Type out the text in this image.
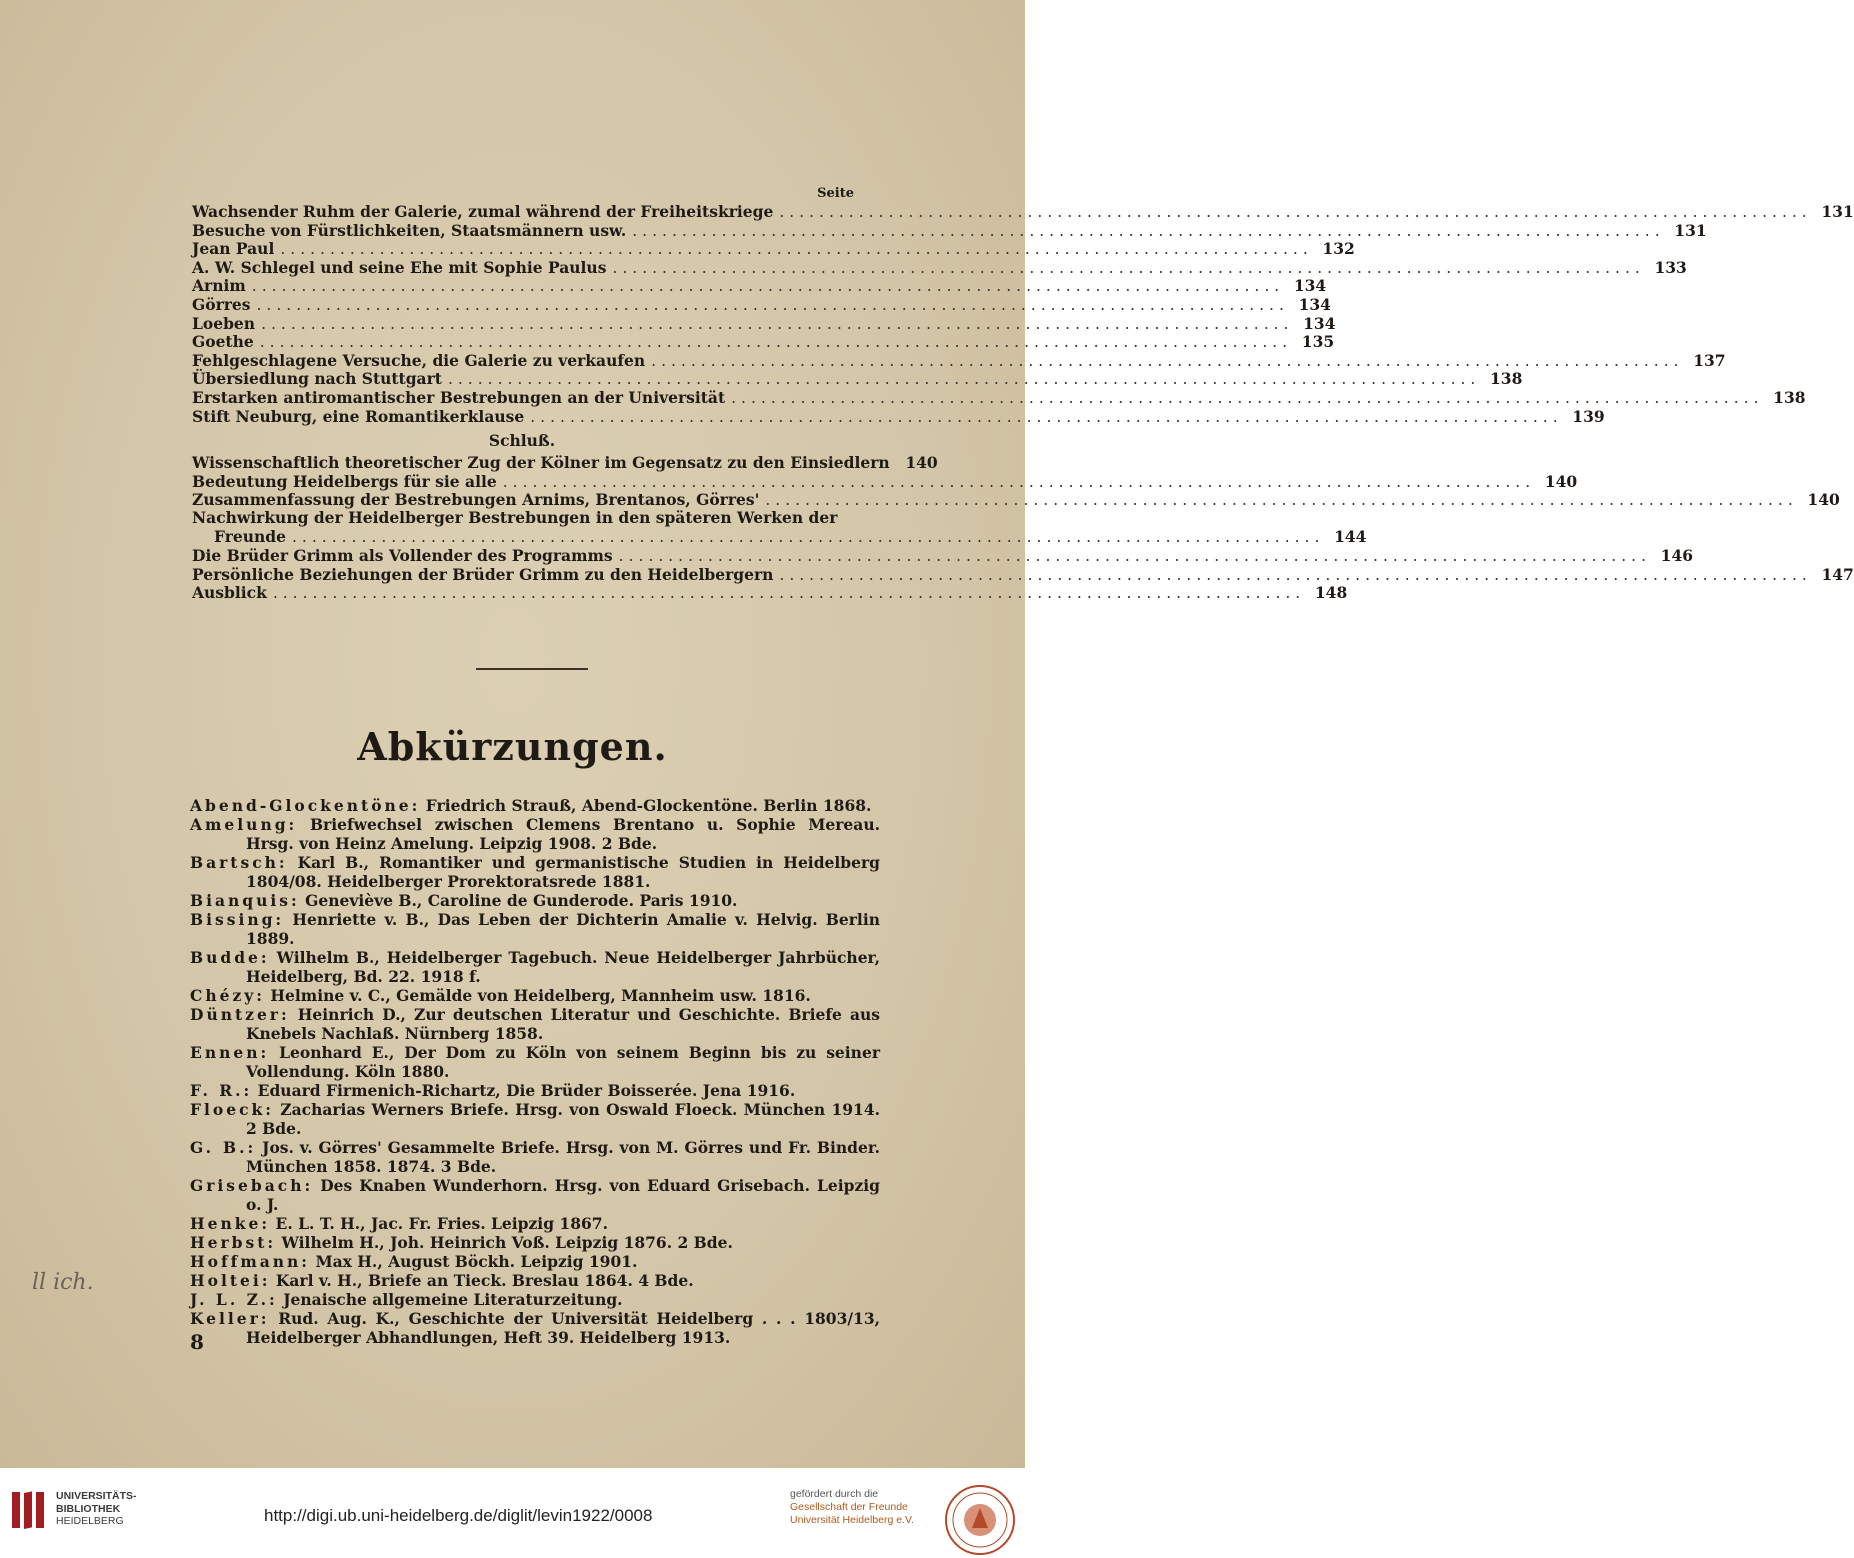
Seite
Wachsender Ruhm der Galerie, zumal während der Freiheitskriege ........................................................................................................ 131
Besuche von Fürstlichkeiten, Staatsmännern usw. ........................................................................................................ 131
Jean Paul ........................................................................................................ 132
A. W. Schlegel und seine Ehe mit Sophie Paulus ........................................................................................................ 133
Arnim ........................................................................................................ 134
Görres ........................................................................................................ 134
Loeben ........................................................................................................ 134
Goethe ........................................................................................................ 135
Fehlgeschlagene Versuche, die Galerie zu verkaufen ........................................................................................................ 137
Übersiedlung nach Stuttgart ........................................................................................................ 138
Erstarken antiromantischer Bestrebungen an der Universität ........................................................................................................ 138
Stift Neuburg, eine Romantikerklause ........................................................................................................ 139
Schluß.
Wissenschaftlich theoretischer Zug der Kölner im Gegensatz zu den Einsiedlern	140
Bedeutung Heidelbergs für sie alle ........................................................................................................ 140
Zusammenfassung der Bestrebungen Arnims, Brentanos, Görres' ........................................................................................................ 140
Nachwirkung der Heidelberger Bestrebungen in den späteren Werken der
Freunde ........................................................................................................ 144
Die Brüder Grimm als Vollender des Programms ........................................................................................................ 146
Persönliche Beziehungen der Brüder Grimm zu den Heidelbergern ........................................................................................................ 147
Ausblick ........................................................................................................ 148
Abkürzungen.
Abend-Glockentöne: Friedrich Strauß, Abend-Glockentöne. Berlin 1868.
Amelung: Briefwechsel zwischen Clemens Brentano u. Sophie Mereau. Hrsg. von Heinz Amelung. Leipzig 1908. 2 Bde.
Bartsch: Karl B., Romantiker und germanistische Studien in Heidelberg 1804/08. Heidelberger Prorektoratsrede 1881.
Bianquis: Geneviève B., Caroline de Gunderode. Paris 1910.
Bissing: Henriette v. B., Das Leben der Dichterin Amalie v. Helvig. Berlin 1889.
Budde: Wilhelm B., Heidelberger Tagebuch. Neue Heidelberger Jahrbücher, Heidelberg, Bd. 22. 1918 f.
Chézy: Helmine v. C., Gemälde von Heidelberg, Mannheim usw. 1816.
Düntzer: Heinrich D., Zur deutschen Literatur und Geschichte. Briefe aus Knebels Nachlaß. Nürnberg 1858.
Ennen: Leonhard E., Der Dom zu Köln von seinem Beginn bis zu seiner Vollendung. Köln 1880.
F. R.: Eduard Firmenich-Richartz, Die Brüder Boisserée. Jena 1916.
Floeck: Zacharias Werners Briefe. Hrsg. von Oswald Floeck. München 1914. 2 Bde.
G. B.: Jos. v. Görres' Gesammelte Briefe. Hrsg. von M. Görres und Fr. Binder. München 1858. 1874. 3 Bde.
Grisebach: Des Knaben Wunderhorn. Hrsg. von Eduard Grisebach. Leipzig o. J.
Henke: E. L. T. H., Jac. Fr. Fries. Leipzig 1867.
Herbst: Wilhelm H., Joh. Heinrich Voß. Leipzig 1876. 2 Bde.
Hoffmann: Max H., August Böckh. Leipzig 1901.
Holtei: Karl v. H., Briefe an Tieck. Breslau 1864. 4 Bde.
J. L. Z.: Jenaische allgemeine Literaturzeitung.
Keller: Rud. Aug. K., Geschichte der Universität Heidelberg . . . 1803/13, Heidelberger Abhandlungen, Heft 39. Heidelberg 1913.
8
ll ich.
UNIVERSITÄTS-
BIBLIOTHEK
HEIDELBERG	http://digi.ub.uni-heidelberg.de/diglit/levin1922/0008
gefördert durch die
Gesellschaft der Freunde
Universität Heidelberg e.V.
